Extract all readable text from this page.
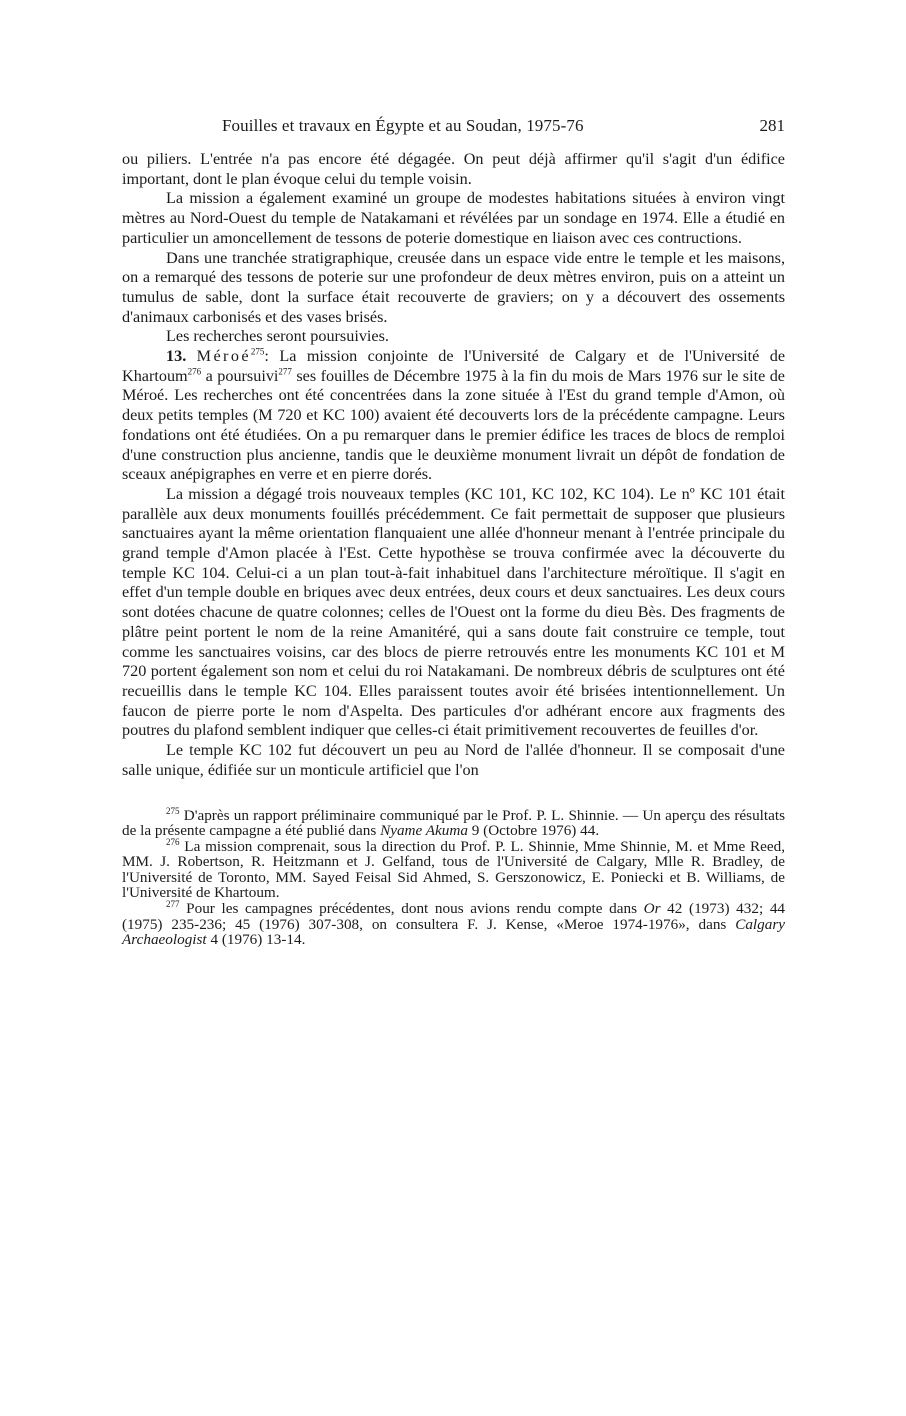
Fouilles et travaux en Égypte et au Soudan, 1975-76	281

ou piliers. L'entrée n'a pas encore été dégagée. On peut déjà affirmer qu'il s'agit d'un édifice important, dont le plan évoque celui du temple voisin.

La mission a également examiné un groupe de modestes habitations situées à environ vingt mètres au Nord-Ouest du temple de Natakamani et révélées par un sondage en 1974. Elle a étudié en particulier un amoncellement de tessons de poterie domestique en liaison avec ces contructions.

Dans une tranchée stratigraphique, creusée dans un espace vide entre le temple et les maisons, on a remarqué des tessons de poterie sur une profondeur de deux mètres environ, puis on a atteint un tumulus de sable, dont la surface était recouverte de graviers; on y a découvert des ossements d'animaux carbonisés et des vases brisés.

Les recherches seront poursuivies.

13. Méroé$^{275}$: La mission conjointe de l'Université de Calgary et de l'Université de Khartoum$^{276}$ a poursuivi$^{277}$ ses fouilles de Décembre 1975 à la fin du mois de Mars 1976 sur le site de Méroé. Les recherches ont été concentrées dans la zone située à l'Est du grand temple d'Amon, où deux petits temples (M 720 et KC 100) avaient été decouverts lors de la précédente campagne. Leurs fondations ont été étudiées. On a pu remarquer dans le premier édifice les traces de blocs de remploi d'une construction plus ancienne, tandis que le deuxième monument livrait un dépôt de fondation de sceaux anépigraphes en verre et en pierre dorés.

La mission a dégagé trois nouveaux temples (KC 101, KC 102, KC 104). Le nº KC 101 était parallèle aux deux monuments fouillés précédemment. Ce fait permettait de supposer que plusieurs sanctuaires ayant la même orientation flanquaient une allée d'honneur menant à l'entrée principale du grand temple d'Amon placée à l'Est. Cette hypothèse se trouva confirmée avec la découverte du temple KC 104. Celui-ci a un plan tout-à-fait inhabituel dans l'architecture méroïtique. Il s'agit en effet d'un temple double en briques avec deux entrées, deux cours et deux sanctuaires. Les deux cours sont dotées chacune de quatre colonnes; celles de l'Ouest ont la forme du dieu Bès. Des fragments de plâtre peint portent le nom de la reine Amanitéré, qui a sans doute fait construire ce temple, tout comme les sanctuaires voisins, car des blocs de pierre retrouvés entre les monuments KC 101 et M 720 portent également son nom et celui du roi Natakamani. De nombreux débris de sculptures ont été recueillis dans le temple KC 104. Elles paraissent toutes avoir été brisées intentionnellement. Un faucon de pierre porte le nom d'Aspelta. Des particules d'or adhérant encore aux fragments des poutres du plafond semblent indiquer que celles-ci était primitivement recouvertes de feuilles d'or.

Le temple KC 102 fut découvert un peu au Nord de l'allée d'honneur. Il se composait d'une salle unique, édifiée sur un monticule artificiel que l'on

$^{275}$ D'après un rapport préliminaire communiqué par le Prof. P. L. Shinnie. — Un aperçu des résultats de la présente campagne a été publié dans Nyame Akuma 9 (Octobre 1976) 44.

$^{276}$ La mission comprenait, sous la direction du Prof. P. L. Shinnie, Mme Shinnie, M. et Mme Reed, MM. J. Robertson, R. Heitzmann et J. Gelfand, tous de l'Université de Calgary, Mlle R. Bradley, de l'Université de Toronto, MM. Sayed Feisal Sid Ahmed, S. Gerszonowicz, E. Poniecki et B. Williams, de l'Université de Khartoum.

$^{277}$ Pour les campagnes précédentes, dont nous avions rendu compte dans Or 42 (1973) 432; 44 (1975) 235-236; 45 (1976) 307-308, on consultera F. J. Kense, «Meroe 1974-1976», dans Calgary Archaeologist 4 (1976) 13-14.
